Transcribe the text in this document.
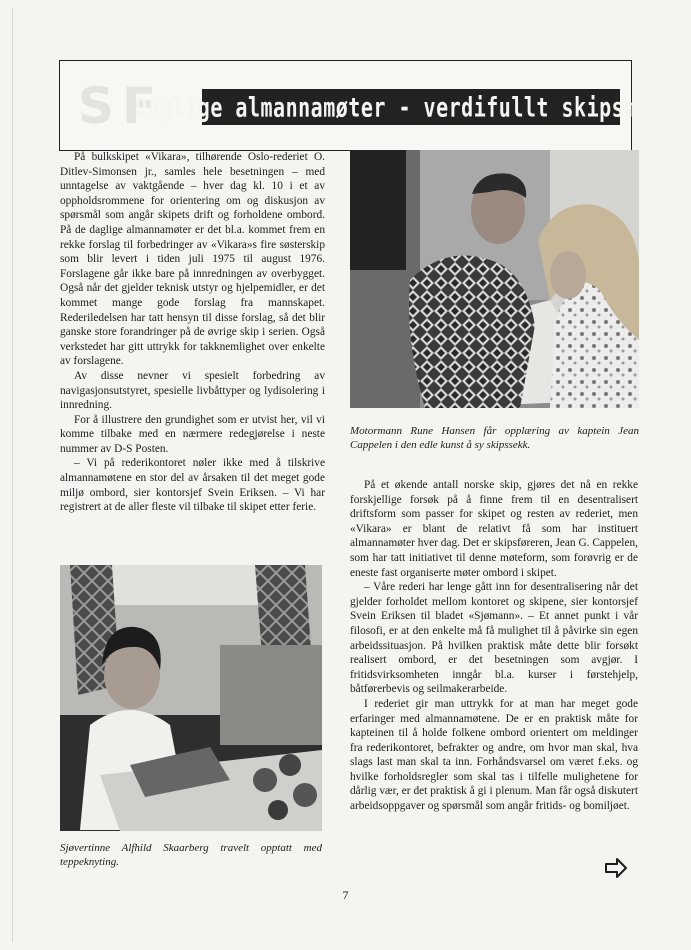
SF
Daglige almannamøter - verdifullt skipsmiljø

På bulkskipet «Vikara», tilhørende Oslo-rederiet O. Ditlev-Simonsen jr., samles hele besetningen – med unntagelse av vaktgående – hver dag kl. 10 i et av oppholdsrommene for orientering om og diskusjon av spørsmål som angår skipets drift og forholdene ombord. På de daglige almannamøter er det bl.a. kommet frem en rekke forslag til forbedringer av «Vikara»s fire søsterskip som blir levert i tiden juli 1975 til august 1976. Forslagene går ikke bare på innredningen av overbygget. Også når det gjelder teknisk utstyr og hjelpemidler, er det kommet mange gode forslag fra mannskapet. Rederiledelsen har tatt hensyn til disse forslag, så det blir ganske store forandringer på de øvrige skip i serien. Også verkstedet har gitt uttrykk for takknemlighet over enkelte av forslagene.

Av disse nevner vi spesielt forbedring av navigasjonsutstyret, spesielle livbåttyper og lydisolering i innredning.

For å illustrere den grundighet som er utvist her, vil vi komme tilbake med en nærmere redegjørelse i neste nummer av D-S Posten.

– Vi på rederikontoret nøler ikke med å tilskrive almannamøtene en stor del av årsaken til det meget gode miljø ombord, sier kontorsjef Svein Eriksen. – Vi har registrert at de aller fleste vil tilbake til skipet etter ferie.

Motormann Rune Hansen får opplæring av kaptein Jean Cappelen i den edle kunst å sy skipssekk.

På et økende antall norske skip, gjøres det nå en rekke forskjellige forsøk på å finne frem til en desentralisert driftsform som passer for skipet og resten av rederiet, men «Vikara» er blant de relativt få som har instituert almannamøter hver dag. Det er skipsføreren, Jean G. Cappelen, som har tatt initiativet til denne møteform, som forøvrig er de eneste fast organiserte møter ombord i skipet.

– Våre rederi har lenge gått inn for desentralisering når det gjelder forholdet mellom kontoret og skipene, sier kontorsjef Svein Eriksen til bladet «Sjømann». – Et annet punkt i vår filosofi, er at den enkelte må få mulighet til å påvirke sin egen arbeidssituasjon. På hvilken praktisk måte dette blir forsøkt realisert ombord, er det besetningen som avgjør. I fritidsvirksomheten inngår bl.a. kurser i førstehjelp, båtførerbevis og seilmakerarbeide.

I rederiet gir man uttrykk for at man har meget gode erfaringer med almannamøtene. De er en praktisk måte for kapteinen til å holde folkene ombord orientert om meldinger fra rederikontoret, befrakter og andre, om hvor man skal, hva slags last man skal ta inn. Forhåndsvarsel om været f.eks. og hvilke forholdsregler som skal tas i tilfelle mulighetene for dårlig vær, er det praktisk å gi i plenum. Man får også diskutert arbeidsoppgaver og spørsmål som angår fritids- og bomiljøet.

Sjøvertinne Alfhild Skaarberg travelt opptatt med teppeknyting.
7
